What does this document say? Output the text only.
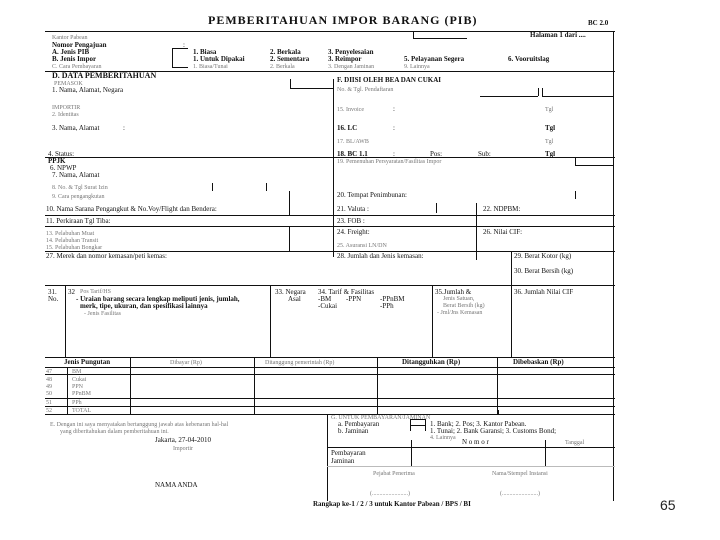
PEMBERITAHUAN IMPOR BARANG (PIB)	BC 2.0
Halaman 1 dari ....
Kantor Pabean
Nomor Pengajuan	:
A. Jenis PIB
B. Jenis Impor
C. Cara Pembayaran
1. Biasa	2. Berkala	3. Penyelesaian
1. Untuk Dipakai	2. Sementara	3. Reimpor	5. Pelayanan Segera	6. Vooruitslag
1. Biasa/Tunai	2. Berkala	3. Dengan Jaminan	9. Lainnya
D. DATA PEMBERITAHUAN
PEMASOK
1. Nama, Alamat, Negara
IMPORTIR
2. Identitas
3. Nama, Alamat	:
4. Status:
PPJK
6. NPWP
7. Nama, Alamat
8. No. & Tgl Surat Izin
9. Cara pengangkutan
10. Nama Sarana Pengangkut & No.Voy/Flight dan Bendera:
11. Perkiraan Tgl Tiba:
13. Pelabuhan Muat
14. Pelabuhan Transit
15. Pelabuhan Bongkar
27. Merek dan nomor kemasan/peti kemas:
F. DIISI OLEH BEA DAN CUKAI
No. & Tgl. Pendaftaran
15. Invoice	:	Tgl
16. LC	:	Tgl
17. BL/AWB	Tgl
18. BC 1.1	:	Pos:	Sub:	Tgl
19. Pemenuhan Persyaratan/Fasilitas Impor
20. Tempat Penimbunan:
21. Valuta :	22. NDPBM:
23. FOB :
24. Freight:	26. Nilai CIF:
25. Asuransi LN/DN
28. Jumlah dan Jenis kemasan:	29. Berat Kotor (kg)
30. Berat Bersih (kg)
31.
No.
32 Pos Tarif/HS
- Uraian barang secara lengkap meliputi jenis, jumlah,
merk, tipe, ukuran, dan spesifikasi lainnya
- Jenis Fasilitas
33. Negara
Asal
34. Tarif & Fasilitas
-BM -PPN	-PPnBM
-Cukai	-PPh
35.Jumlah &
Jenis Satuan,
Berat Bersih (kg)
- Jml/Jns Kemasan
36. Jumlah Nilai CIF
Jenis Pungutan	Dibayar (Rp)	Ditanggung pemerintah (Rp)	Ditangguhkan (Rp)	Dibebaskan (Rp)
47	BM
48	Cukai
49	PPN
50	PPnBM
51	PPh
52	TOTAL
E. Dengan ini saya menyatakan bertanggung jawab atas kebenaran hal-hal
yang diberitahukan dalam pemberitahuan ini.
Jakarta, 27-04-2010
Importir
NAMA ANDA
G. UNTUK PEMBAYARAN/JAMINAN
a. Pembayaran
b. Jaminan
1. Bank; 2. Pos; 3. Kantor Pabean.
1. Tunai; 2. Bank Garansi; 3. Customs Bond;
4. Lainnya N o m o r	Tanggal
Pembayaran
Jaminan
Pejabat Penerima	Nama/Stempel Instansi
(........................)	(........................)
Rangkap ke-1 / 2 / 3 untuk Kantor Pabean / BPS / BI	65
